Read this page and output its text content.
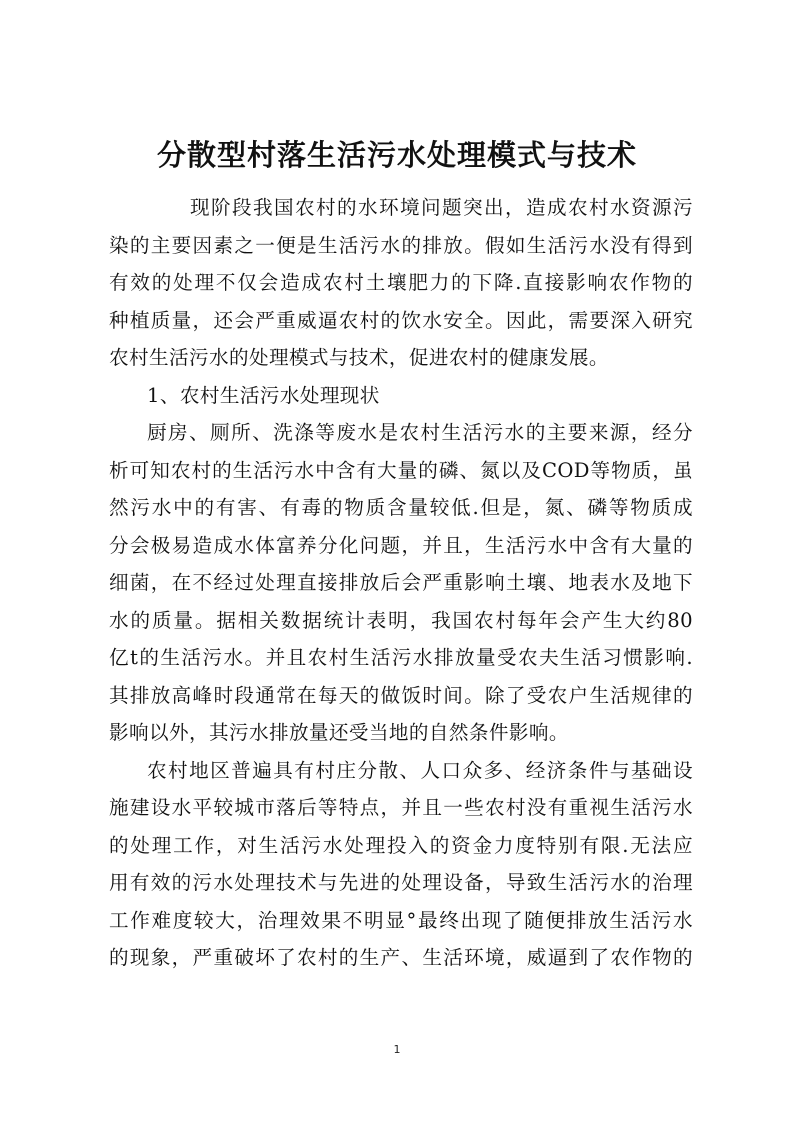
分散型村落生活污水处理模式与技术
现阶段我国农村的水环境问题突出，造成农村水资源污
染的主要因素之一便是生活污水的排放。假如生活污水没有得到
有效的处理不仅会造成农村土壤肥力的下降.直接影响农作物的
种植质量，还会严重威逼农村的饮水安全。因此，需要深入研究
农村生活污水的处理模式与技术，促进农村的健康发展。
1、农村生活污水处理现状
厨房、厕所、洗涤等废水是农村生活污水的主要来源，经分
析可知农村的生活污水中含有大量的磷、氮以及COD等物质，虽
然污水中的有害、有毒的物质含量较低.但是，氮、磷等物质成
分会极易造成水体富养分化问题，并且，生活污水中含有大量的
细菌，在不经过处理直接排放后会严重影响土壤、地表水及地下
水的质量。据相关数据统计表明，我国农村每年会产生大约80
亿t的生活污水。并且农村生活污水排放量受农夫生活习惯影响.
其排放高峰时段通常在每天的做饭时间。除了受农户生活规律的
影响以外，其污水排放量还受当地的自然条件影响。
农村地区普遍具有村庄分散、人口众多、经济条件与基础设
施建设水平较城市落后等特点，并且一些农村没有重视生活污水
的处理工作，对生活污水处理投入的资金力度特别有限.无法应
用有效的污水处理技术与先进的处理设备，导致生活污水的治理
工作难度较大，治理效果不明显°最终出现了随便排放生活污水
的现象，严重破坏了农村的生产、生活环境，威逼到了农作物的
1
